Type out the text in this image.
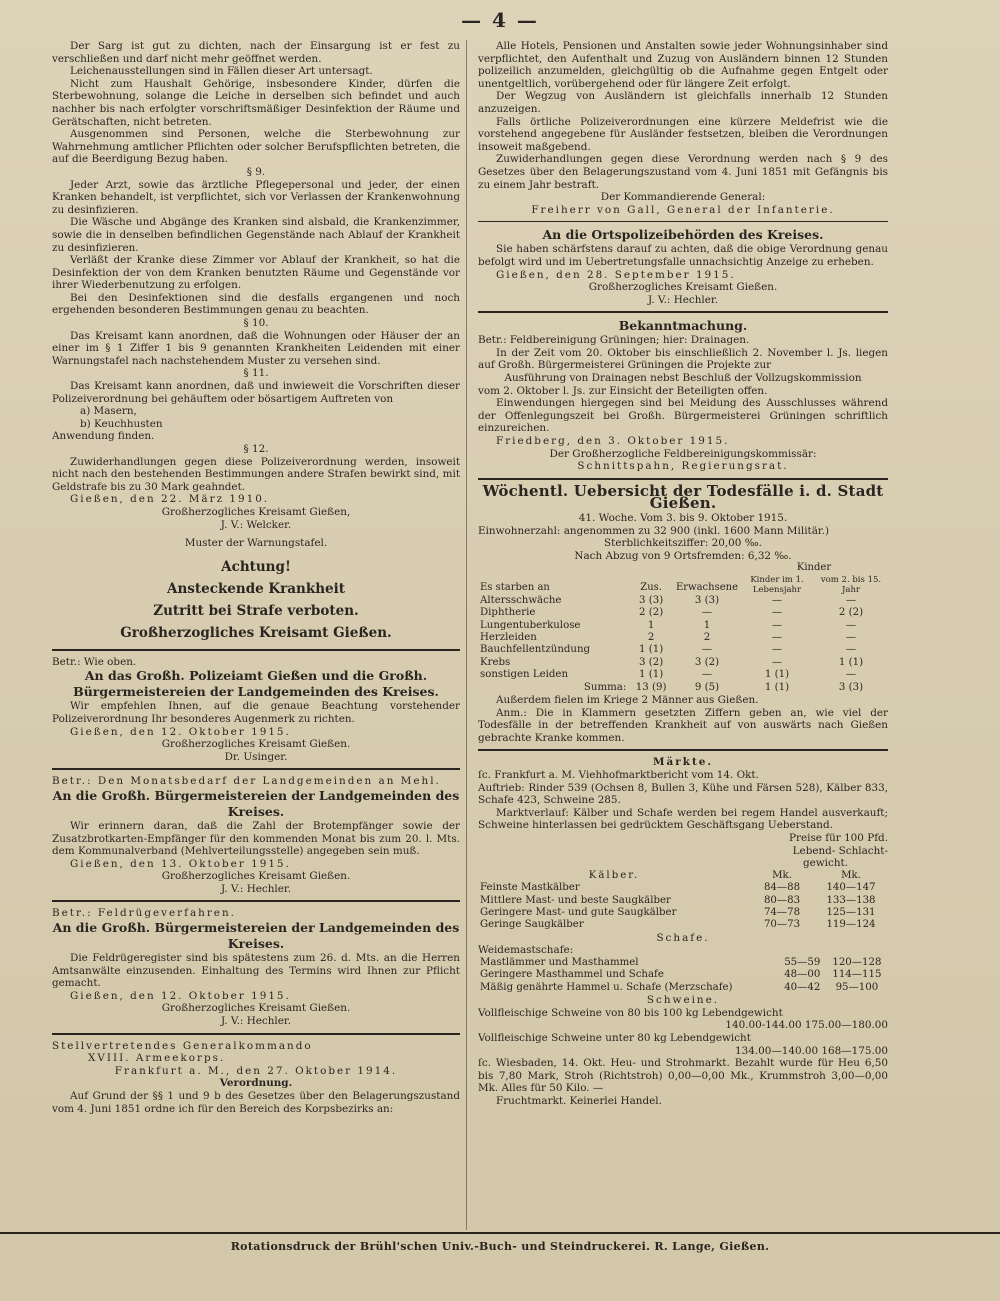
— 4 —

Der Sarg ist gut zu dichten, nach der Einsargung ist er fest zu verschließen und darf nicht mehr geöffnet werden.

Leichenausstellungen sind in Fällen dieser Art untersagt.

Nicht zum Haushalt Gehörige, insbesondere Kinder, dürfen die Sterbewohnung, solange die Leiche in derselben sich befindet und auch nachher bis nach erfolgter vorschriftsmäßiger Desinfektion der Räume und Gerätschaften, nicht betreten.

Ausgenommen sind Personen, welche die Sterbewohnung zur Wahrnehmung amtlicher Pflichten oder solcher Berufspflichten betreten, die auf die Beerdigung Bezug haben.

§ 9.

Jeder Arzt, sowie das ärztliche Pflegepersonal und jeder, der einen Kranken behandelt, ist verpflichtet, sich vor Verlassen der Krankenwohnung zu desinfizieren.

Die Wäsche und Abgänge des Kranken sind alsbald, die Krankenzimmer, sowie die in denselben befindlichen Gegenstände nach Ablauf der Krankheit zu desinfizieren.

Verläßt der Kranke diese Zimmer vor Ablauf der Krankheit, so hat die Desinfektion der von dem Kranken benutzten Räume und Gegenstände vor ihrer Wiederbenutzung zu erfolgen.

Bei den Desinfektionen sind die desfalls ergangenen und noch ergehenden besonderen Bestimmungen genau zu beachten.

§ 10.

Das Kreisamt kann anordnen, daß die Wohnungen oder Häuser der an einer im § 1 Ziffer 1 bis 9 genannten Krankheiten Leidenden mit einer Warnungstafel nach nachstehendem Muster zu versehen sind.

§ 11.

Das Kreisamt kann anordnen, daß und inwieweit die Vorschriften dieser Polizeiverordnung bei gehäuftem oder bösartigem Auftreten von

a) Masern,

b) Keuchhusten

Anwendung finden.

§ 12.

Zuwiderhandlungen gegen diese Polizeiverordnung werden, insoweit nicht nach den bestehenden Bestimmungen andere Strafen bewirkt sind, mit Geldstrafe bis zu 30 Mark geahndet.

Gießen, den 22. März 1910.

Großherzogliches Kreisamt Gießen,

J. V.: Welcker.

Muster der Warnungstafel.

Achtung!

Ansteckende Krankheit

Zutritt bei Strafe verboten.

Großherzogliches Kreisamt Gießen.

Betr.: Wie oben.

An das Großh. Polizeiamt Gießen und die Großh. Bürgermeistereien der Landgemeinden des Kreises.

Wir empfehlen Ihnen, auf die genaue Beachtung vorstehender Polizeiverordnung Ihr besonderes Augenmerk zu richten.

Gießen, den 12. Oktober 1915.

Großherzogliches Kreisamt Gießen.

Dr. Usinger.

Betr.: Den Monatsbedarf der Landgemeinden an Mehl.

An die Großh. Bürgermeistereien der Landgemeinden des Kreises.

Wir erinnern daran, daß die Zahl der Brotempfänger sowie der Zusatzbrotkarten-Empfänger für den kommenden Monat bis zum 20. l. Mts. dem Kommunalverband (Mehlverteilungsstelle) angegeben sein muß.

Gießen, den 13. Oktober 1915.

Großherzogliches Kreisamt Gießen.

J. V.: Hechler.

Betr.: Feldrügeverfahren.

An die Großh. Bürgermeistereien der Landgemeinden des Kreises.

Die Feldrügeregister sind bis spätestens zum 26. d. Mts. an die Herren Amtsanwälte einzusenden. Einhaltung des Termins wird Ihnen zur Pflicht gemacht.

Gießen, den 12. Oktober 1915.

Großherzogliches Kreisamt Gießen.

J. V.: Hechler.

Stellvertretendes Generalkommando

XVIII. Armeekorps.

Frankfurt a. M., den 27. Oktober 1914.

Verordnung.

Auf Grund der §§ 1 und 9 b des Gesetzes über den Belagerungszustand vom 4. Juni 1851 ordne ich für den Bereich des Korpsbezirks an:

Alle Hotels, Pensionen und Anstalten sowie jeder Wohnungsinhaber sind verpflichtet, den Aufenthalt und Zuzug von Ausländern binnen 12 Stunden polizeilich anzumelden, gleichgültig ob die Aufnahme gegen Entgelt oder unentgeltlich, vorübergehend oder für längere Zeit erfolgt.

Der Wegzug von Ausländern ist gleichfalls innerhalb 12 Stunden anzuzeigen.

Falls örtliche Polizeiverordnungen eine kürzere Meldefrist wie die vorstehend angegebene für Ausländer festsetzen, bleiben die Verordnungen insoweit maßgebend.

Zuwiderhandlungen gegen diese Verordnung werden nach § 9 des Gesetzes über den Belagerungszustand vom 4. Juni 1851 mit Gefängnis bis zu einem Jahr bestraft.

Der Kommandierende General:

Freiherr von Gall, General der Infanterie.

An die Ortspolizeibehörden des Kreises.

Sie haben schärfstens darauf zu achten, daß die obige Verordnung genau befolgt wird und im Uebertretungsfalle unnachsichtig Anzeige zu erheben.

Gießen, den 28. September 1915.

Großherzogliches Kreisamt Gießen.

J. V.: Hechler.

Bekanntmachung.

Betr.: Feldbereinigung Grüningen; hier: Drainagen.

In der Zeit vom 20. Oktober bis einschließlich 2. November l. Js. liegen auf Großh. Bürgermeisterei Grüningen die Projekte zur

Ausführung von Drainagen nebst Beschluß der Vollzugskommission

vom 2. Oktober l. Js. zur Einsicht der Beteiligten offen.

Einwendungen hiergegen sind bei Meidung des Ausschlusses während der Offenlegungszeit bei Großh. Bürgermeisterei Grüningen schriftlich einzureichen.

Friedberg, den 3. Oktober 1915.

Der Großherzogliche Feldbereinigungskommissär:

Schnittspahn, Regierungsrat.

Wöchentl. Uebersicht der Todesfälle i. d. Stadt Gießen.

41. Woche. Vom 3. bis 9. Oktober 1915.

Einwohnerzahl: angenommen zu 32 900 (inkl. 1600 Mann Militär.)

Sterblichkeitsziffer: 20,00 ‰.

Nach Abzug von 9 Ortsfremden: 6,32 ‰.

Es starben an	Zus.	Erwachsene	Kinder	
			Kinder im 1. Lebensjahr	vom 2. bis 15. Jahr
Altersschwäche	3 (3)	3 (3)	—	—
Diphtherie	2 (2)	—	—	2 (2)
Lungentuberkulose	1	1	—	—
Herzleiden	2	2	—	—
Bauchfellentzündung	1 (1)	—	—	—
Krebs	3 (2)	3 (2)	—	1 (1)
sonstigen Leiden	1 (1)	—	1 (1)	—
Summa:	13 (9)	9 (5)	1 (1)	3 (3)

Außerdem fielen im Kriege 2 Männer aus Gießen.

Anm.: Die in Klammern gesetzten Ziffern geben an, wie viel der Todesfälle in der betreffenden Krankheit auf von auswärts nach Gießen gebrachte Kranke kommen.

Märkte.

ſc. Frankfurt a. M. Viehhofmarktbericht vom 14. Okt.

Auftrieb: Rinder 539 (Ochsen 8, Bullen 3, Kühe und Färsen 528), Kälber 833, Schafe 423, Schweine 285.

Marktverlauf: Kälber und Schafe werden bei regem Handel ausverkauft; Schweine hinterlassen bei gedrücktem Geschäftsgang Ueberstand.

Preise für 100 Pfd.

Lebend- Schlacht-

gewicht.

Kälber.	Mk.	Mk.
Feinste Mastkälber	84—88	140—147
Mittlere Mast- und beste Saugkälber	80—83	133—138
Geringere Mast- und gute Saugkälber	74—78	125—131
Geringe Saugkälber	70—73	119—124

Schafe.

Weidemastschafe:

Mastlämmer und Masthammel	55—59	120—128
Geringere Masthammel und Schafe	48—00	114—115
Mäßig genährte Hammel u. Schafe (Merzschafe)	40—42	95—100

Schweine.

Vollfleischige Schweine von 80 bis 100 kg Lebendgewicht

140.00-144.00 175.00—180.00

Vollfleischige Schweine unter 80 kg Lebendgewicht

134.00—140.00 168—175.00

ſc. Wiesbaden, 14. Okt. Heu- und Strohmarkt. Bezahlt wurde für Heu 6,50 bis 7,80 Mark, Stroh (Richtstroh) 0,00—0,00 Mk., Krummstroh 3,00—0,00 Mk. Alles für 50 Kilo. —

Fruchtmarkt. Keinerlei Handel.

Rotationsdruck der Brühl'schen Univ.-Buch- und Steindruckerei. R. Lange, Gießen.
